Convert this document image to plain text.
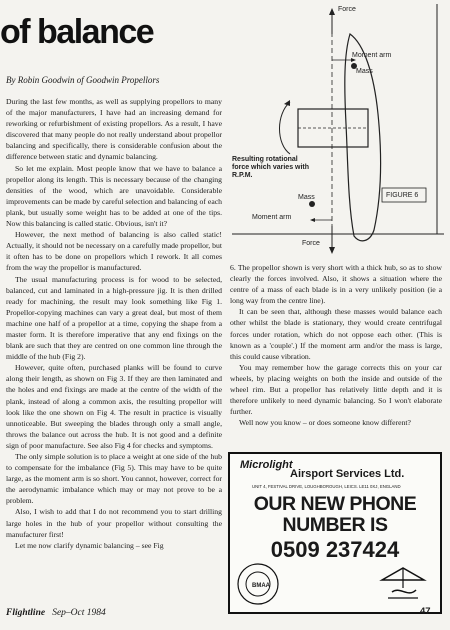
of balance
By Robin Goodwin of Goodwin Propellors

During the last few months, as well as supplying propellors to many of the major manufacturers, I have had an increasing demand for reworking or refurbishment of existing propellors. As a result, I have discovered that many people do not really understand about propellor balancing and specifically, there is considerable confusion about the difference between static and dynamic balancing.

So let me explain. Most people know that we have to balance a propellor along its length. This is necessary because of the changing densities of the wood, which are unavoidable. Considerable improvements can be made by careful selection and balancing of each plank, but usually some weight has to be added at one of the tips. Now this balancing is called static. Obvious, isn't it?

However, the next method of balancing is also called static! Actually, it should not be necessary on a carefully made propellor, but it often has to be done on propellors which I rework. It all comes from the way the propellor is manufactured.

The usual manufacturing process is for wood to be selected, balanced, cut and laminated in a high-pressure jig. It is then drilled ready for machining, the result may look something like Fig 1. Propellor-copying machines can vary a great deal, but most of them machine one half of a propellor at a time, copying the shape from a master form. It is therefore imperative that any end fixings on the blank are such that they are centred on one common line through the middle of the hub (Fig 2).

However, quite often, purchased planks will be found to curve along their length, as shown on Fig 3. If they are then laminated and the holes and end fixings are made at the centre of the width of the plank, instead of along a common axis, the resulting propellor will look like the one shown on Fig 4. The result in practice is visually unnoticeable. But sweeping the blades through only a small angle, throws the balance out across the hub. It is not good and a definite sign of poor manufacture. See also Fig 4 for checks and symptoms.

The only simple solution is to place a weight at one side of the hub to compensate for the imbalance (Fig 5). This may have to be quite large, as the moment arm is so short. You cannot, however, correct for the aerodynamic imbalance which may or may not prove to be a problem.

Also, I wish to add that I do not recommend you to start drilling large holes in the hub of your propellor without consulting the manufacturer first!

Let me now clarify dynamic balancing – see Fig

Force
Moment arm
Mass
Resulting rotational force which varies with R.P.M.
Mass
Moment arm
Force
FIGURE 6

6. The propellor shown is very short with a thick hub, so as to show clearly the forces involved. Also, it shows a situation where the centre of a mass of each blade is in a very unlikely position (ie a long way from the centre line).

It can be seen that, although these masses would balance each other whilst the blade is stationary, they would create centrifugal forces under rotation, which do not oppose each other. (This is known as a 'couple'.) If the moment arm and/or the mass is large, this could cause vibration.

You may remember how the garage corrects this on your car wheels, by placing weights on both the inside and outside of the wheel rim. But a propellor has relatively little depth and it is therefore unlikely to need dynamic balancing. So I won't elaborate further.

Well now you know – or does someone know different?

Microlight
Airsport Services Ltd.
UNIT 4, FESTIVAL DRIVE, LOUGHBOROUGH, LEICS. LE11 0XJ, ENGLAND
OUR NEW PHONE
NUMBER IS
0509 237424
BMAA
Flightline Sep–Oct 1984	47
